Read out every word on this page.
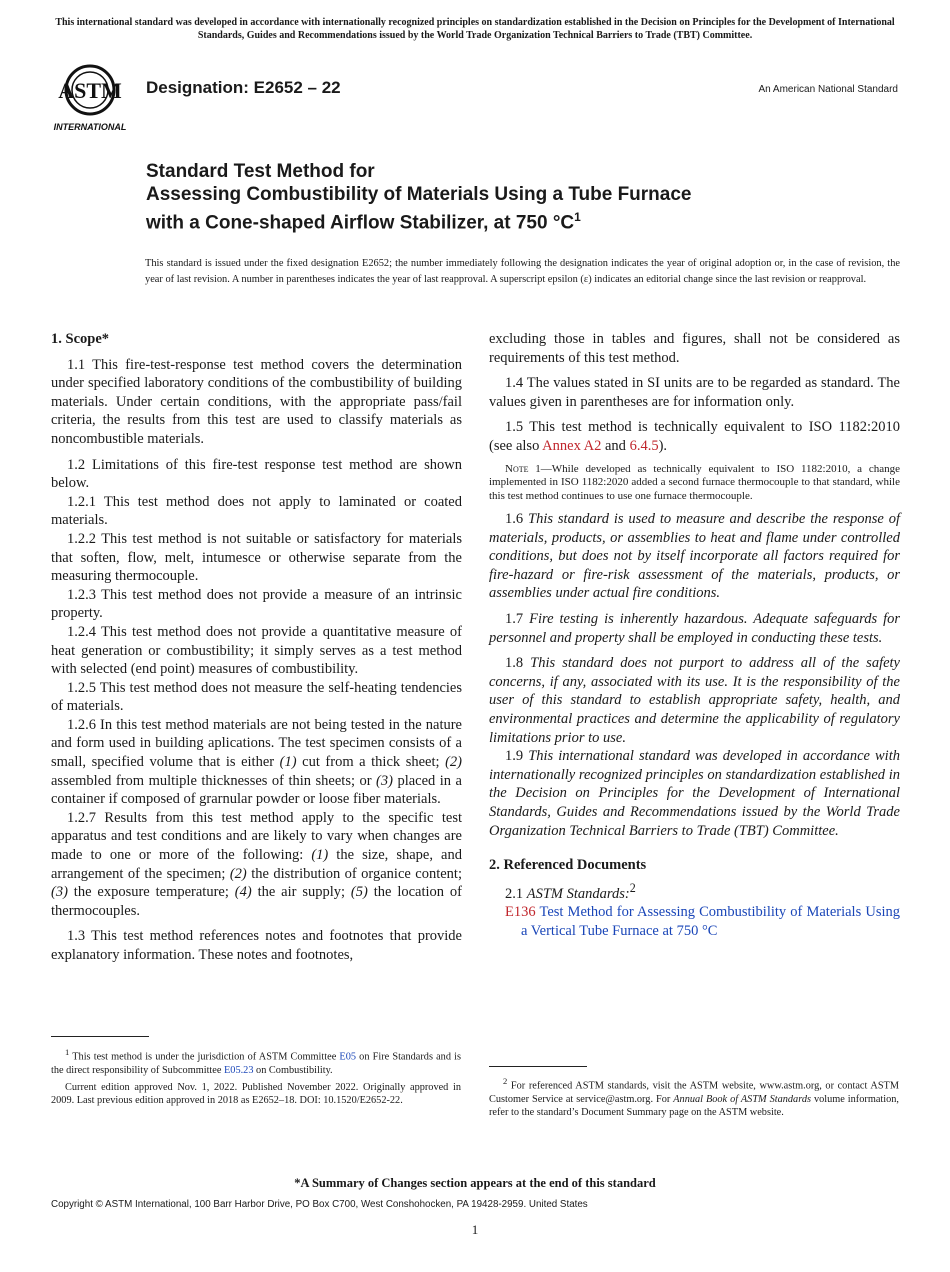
This international standard was developed in accordance with internationally recognized principles on standardization established in the Decision on Principles for the Development of International Standards, Guides and Recommendations issued by the World Trade Organization Technical Barriers to Trade (TBT) Committee.
ASTM
INTERNATIONAL
Designation: E2652 – 22	An American National Standard
Standard Test Method for
Assessing Combustibility of Materials Using a Tube Furnace
with a Cone-shaped Airflow Stabilizer, at 750 $^\circ C^1$
This standard is issued under the fixed designation E2652; the number immediately following the designation indicates the year of original adoption or, in the case of revision, the year of last revision. A number in parentheses indicates the year of last reapproval. A superscript epsilon (ε) indicates an editorial change since the last revision or reapproval.
1. Scope*

1.1 This fire-test-response test method covers the determination under specified laboratory conditions of the combustibility of building materials. Under certain conditions, with the appropriate pass/fail criteria, the results from this test are used to classify materials as noncombustible materials.

1.2 Limitations of this fire-test response test method are shown below.

1.2.1 This test method does not apply to laminated or coated materials.

1.2.2 This test method is not suitable or satisfactory for materials that soften, flow, melt, intumesce or otherwise separate from the measuring thermocouple.

1.2.3 This test method does not provide a measure of an intrinsic property.

1.2.4 This test method does not provide a quantitative measure of heat generation or combustibility; it simply serves as a test method with selected (end point) measures of combustibility.

1.2.5 This test method does not measure the self-heating tendencies of materials.

1.2.6 In this test method materials are not being tested in the nature and form used in building aplications. The test specimen consists of a small, specified volume that is either (1) cut from a thick sheet; (2) assembled from multiple thicknesses of thin sheets; or (3) placed in a container if composed of grarnular powder or loose fiber materials.

1.2.7 Results from this test method apply to the specific test apparatus and test conditions and are likely to vary when changes are made to one or more of the following: (1) the size, shape, and arrangement of the specimen; (2) the distribution of organice content; (3) the exposure temperature; (4) the air supply; (5) the location of thermocouples.

1.3 This test method references notes and footnotes that provide explanatory information. These notes and footnotes,

$^1$ This test method is under the jurisdiction of ASTM Committee E05 on Fire Standards and is the direct responsibility of Subcommittee E05.23 on Combustibility.

Current edition approved Nov. 1, 2022. Published November 2022. Originally approved in 2009. Last previous edition approved in 2018 as E2652–18. DOI: 10.1520/E2652-22.

excluding those in tables and figures, shall not be considered as requirements of this test method.

1.4 The values stated in SI units are to be regarded as standard. The values given in parentheses are for information only.

1.5 This test method is technically equivalent to ISO 1182:2010 (see also Annex A2 and 6.4.5).

Note 1—While developed as technically equivalent to ISO 1182:2010, a change implemented in ISO 1182:2020 added a second furnace thermocouple to that standard, while this test method continues to use one furnace thermocouple.

1.6 This standard is used to measure and describe the response of materials, products, or assemblies to heat and flame under controlled conditions, but does not by itself incorporate all factors required for fire-hazard or fire-risk assessment of the materials, products, or assemblies under actual fire conditions.

1.7 Fire testing is inherently hazardous. Adequate safeguards for personnel and property shall be employed in conducting these tests.

1.8 This standard does not purport to address all of the safety concerns, if any, associated with its use. It is the responsibility of the user of this standard to establish appropriate safety, health, and environmental practices and determine the applicability of regulatory limitations prior to use.

1.9 This international standard was developed in accordance with internationally recognized principles on standardization established in the Decision on Principles for the Development of International Standards, Guides and Recommendations issued by the World Trade Organization Technical Barriers to Trade (TBT) Committee.

2. Referenced Documents

2.1 ASTM Standards:$^2$

E136 Test Method for Assessing Combustibility of Materials Using a Vertical Tube Furnace at 750 °C

$^2$ For referenced ASTM standards, visit the ASTM website, www.astm.org, or contact ASTM Customer Service at service@astm.org. For Annual Book of ASTM Standards volume information, refer to the standard’s Document Summary page on the ASTM website.

*A Summary of Changes section appears at the end of this standard
Copyright © ASTM International, 100 Barr Harbor Drive, PO Box C700, West Conshohocken, PA 19428-2959. United States
1
